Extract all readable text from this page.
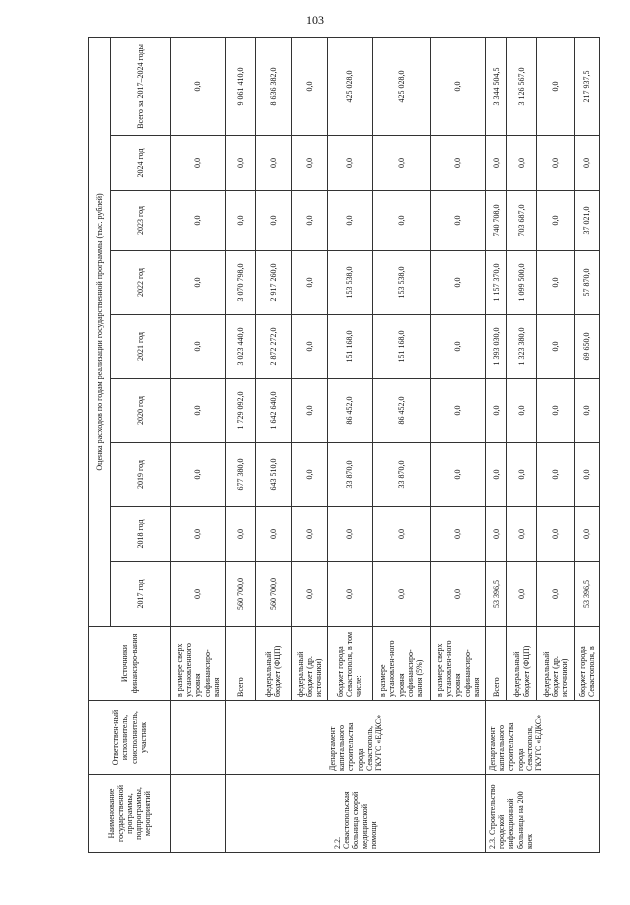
103
Наименование государственной программы, подпрограммы, мероприятий	Ответствен-ный исполнитель, соисполнитель, участник	Источники финансиро-вания	Оценка расходов по годам реализации государственной программы (тыс. рублей)								
			2017 год	2018 год	2019 год	2020 год	2021 год	2022 год	2023 год	2024 год	Всего за 2017–2024 годы
		в размере сверх установленного уровня софинансиро-вания	0,0	0,0	0,0	0,0	0,0	0,0	0,0	0,0	0,0
2.2. Севастопольская больница скорой медицинской помощи	Департамент капитального строительства города Севастополь, ГКУГС «ЕДКС»	Всего	560 700,0	0,0	677 380,0	1 729 092,0	3 023 440,0	3 070 798,0	0,0	0,0	9 061 410,0
		федеральный бюджет (ФЦП)	560 700,0	0,0	643 510,0	1 642 640,0	2 872 272,0	2 917 260,0	0,0	0,0	8 636 382,0
		федеральный бюджет (др. источники)	0,0	0,0	0,0	0,0	0,0	0,0	0,0	0,0	0,0
		бюджет города Севастополя, в том числе:	0,0	0,0	33 870,0	86 452,0	151 168,0	153 538,0	0,0	0,0	425 028,0
		в размере установлен-ного уровня софинансиро-вания (5%)	0,0	0,0	33 870,0	86 452,0	151 168,0	153 538,0	0,0	0,0	425 028,0
		в размере сверх установлен-ного уровня софинансиро-вания	0,0	0,0	0,0	0,0	0,0	0,0	0,0	0,0	0,0
2.3. Строительство городской инфекционной больницы на 200 коек	Департамент капитального строительства города Севастополя, ГКУГС «ЕДКС»	Всего	53 396,5	0,0	0,0	0,0	1 393 030,0	1 157 370,0	740 708,0	0,0	3 344 504,5
		федеральный бюджет (ФЦП)	0,0	0,0	0,0	0,0	1 323 380,0	1 099 500,0	703 687,0	0,0	3 126 567,0
		федеральный бюджет (др. источники)	0,0	0,0	0,0	0,0	0,0	0,0	0,0	0,0	0,0
		бюджет города Севастополя, в	53 396,5	0,0	0,0	0,0	69 650,0	57 870,0	37 021,0	0,0	217 937,5
